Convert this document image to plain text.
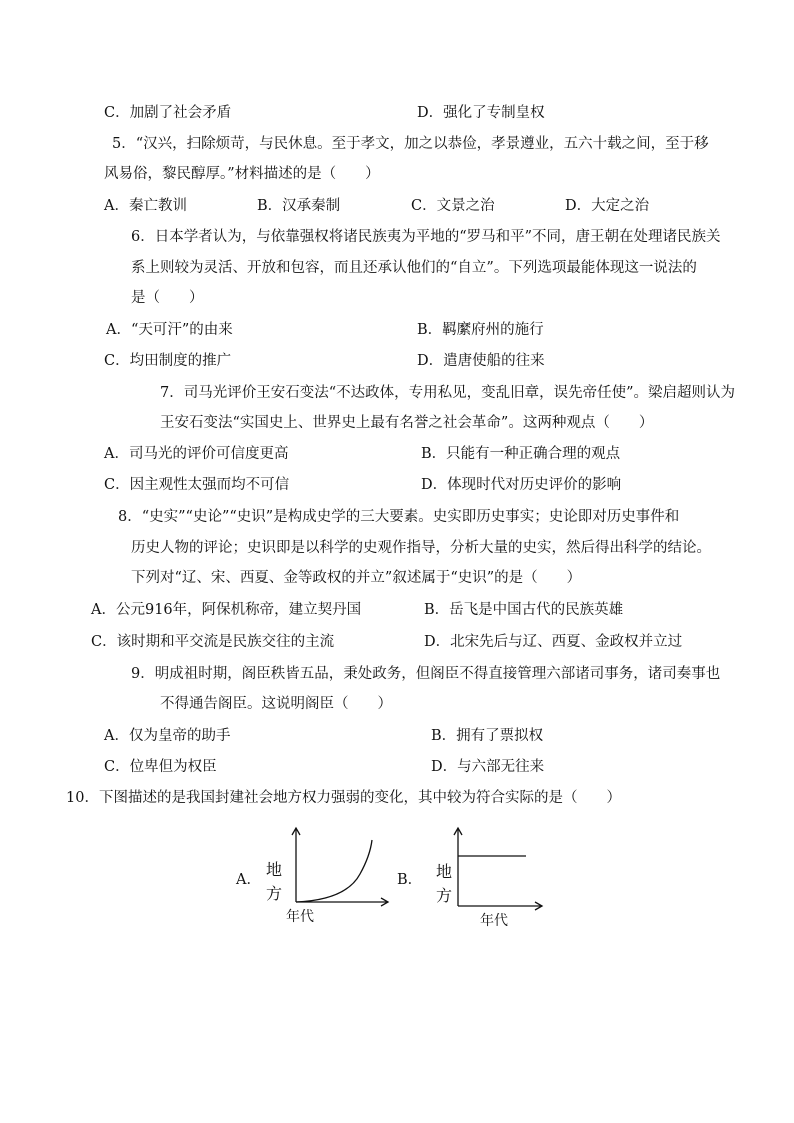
C．加剧了社会矛盾	D．强化了专制皇权
5．“汉兴，扫除烦苛，与民休息。至于孝文，加之以恭俭，孝景遵业，五六十载之间，至于移
风易俗，黎民醇厚。”材料描述的是（　　）
A．秦亡教训	B．汉承秦制	C．文景之治	D．大定之治
6．日本学者认为，与依靠强权将诸民族夷为平地的“罗马和平”不同，唐王朝在处理诸民族关
系上则较为灵活、开放和包容，而且还承认他们的“自立”。下列选项最能体现这一说法的
是（　　）
A．“天可汗”的由来	B．羁縻府州的施行
C．均田制度的推广	D．遣唐使船的往来
7．司马光评价王安石变法“不达政体，专用私见，变乱旧章，误先帝任使”。梁启超则认为
王安石变法“实国史上、世界史上最有名誉之社会革命”。这两种观点（　　）
A．司马光的评价可信度更高	B．只能有一种正确合理的观点
C．因主观性太强而均不可信	D．体现时代对历史评价的影响
8．“史实”“史论”“史识”是构成史学的三大要素。史实即历史事实；史论即对历史事件和
历史人物的评论；史识即是以科学的史观作指导，分析大量的史实，然后得出科学的结论。
下列对“辽、宋、西夏、金等政权的并立”叙述属于“史识”的是（　　）
A．公元916年，阿保机称帝，建立契丹国	B．岳飞是中国古代的民族英雄
C．该时期和平交流是民族交往的主流	D．北宋先后与辽、西夏、金政权并立过
9．明成祖时期，阁臣秩皆五品，秉处政务，但阁臣不得直接管理六部诸司事务，诸司奏事也
不得通告阁臣。这说明阁臣（　　）
A．仅为皇帝的助手	B．拥有了票拟权
C．位卑但为权臣	D．与六部无往来
10．下图描述的是我国封建社会地方权力强弱的变化，其中较为符合实际的是（　　）
A．
地
方
年代
B． 地
方
年代
